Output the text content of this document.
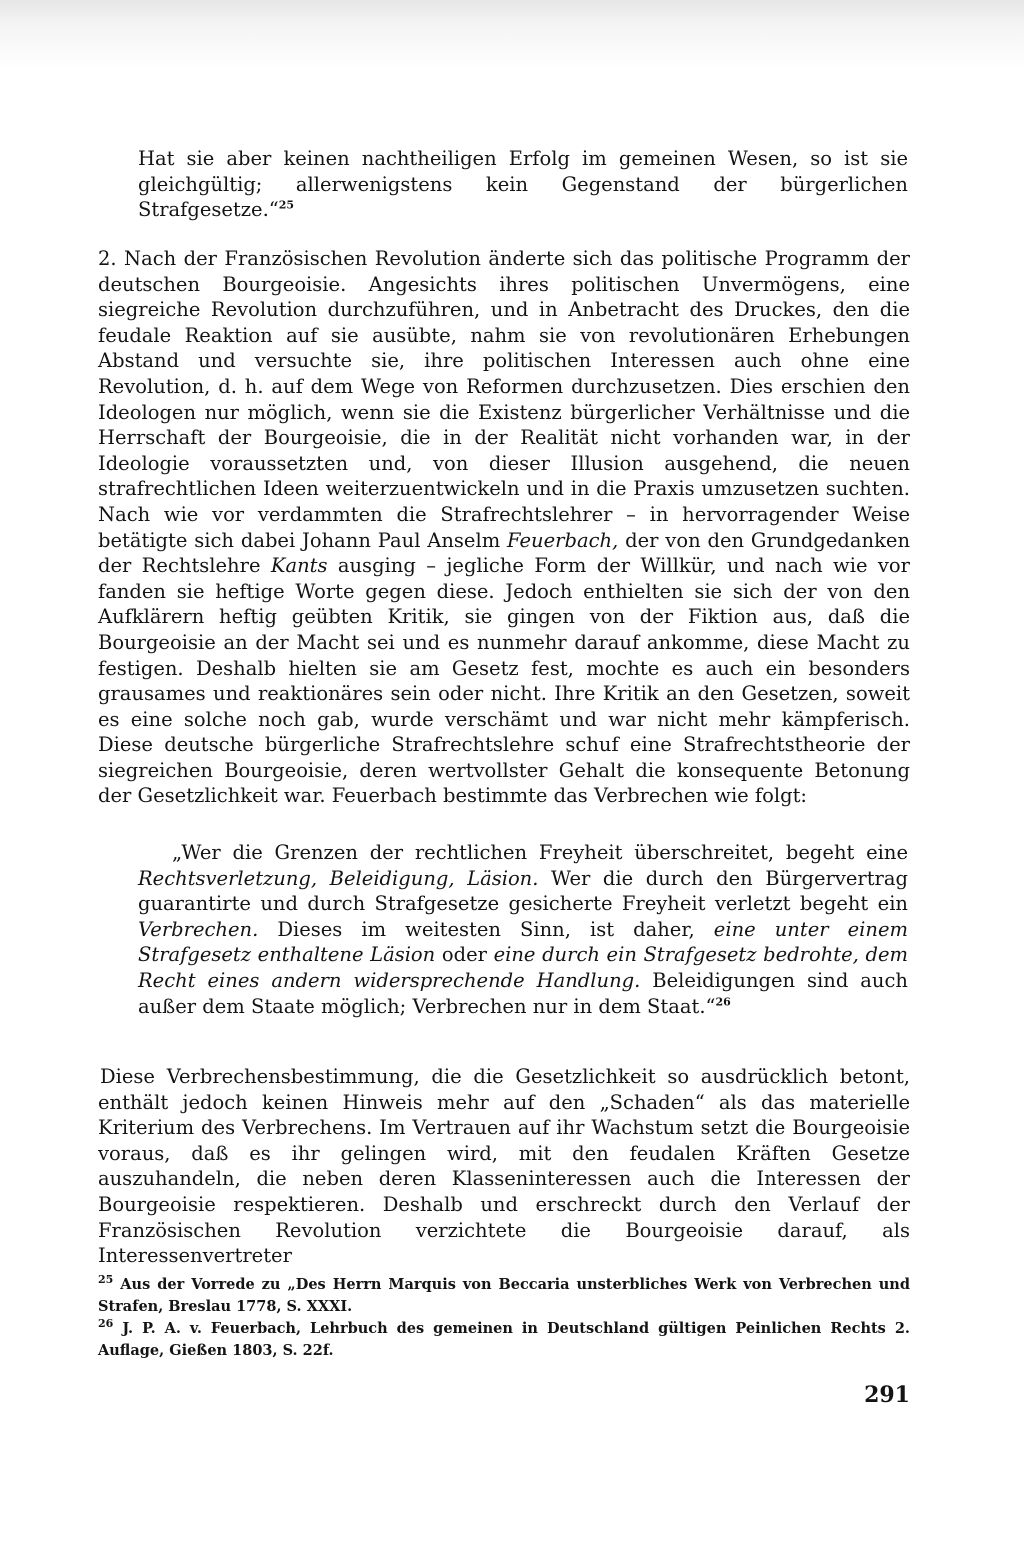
Hat sie aber keinen nachtheiligen Erfolg im gemeinen Wesen, so ist sie gleichgültig; allerwenigstens kein Gegenstand der bürgerlichen Strafgesetze.“$^{25}$

2. Nach der Französischen Revolution änderte sich das politische Programm der deutschen Bourgeoisie. Angesichts ihres politischen Unvermögens, eine siegreiche Revolution durchzuführen, und in Anbetracht des Druckes, den die feudale Reaktion auf sie ausübte, nahm sie von revolutionären Erhebungen Abstand und versuchte sie, ihre politischen Interessen auch ohne eine Revolution, d. h. auf dem Wege von Reformen durchzusetzen. Dies erschien den Ideologen nur möglich, wenn sie die Existenz bürgerlicher Verhältnisse und die Herrschaft der Bourgeoisie, die in der Realität nicht vorhanden war, in der Ideologie voraussetzten und, von dieser Illusion ausgehend, die neuen strafrechtlichen Ideen weiterzuentwickeln und in die Praxis umzusetzen suchten. Nach wie vor verdammten die Strafrechtslehrer – in hervorragender Weise betätigte sich dabei Johann Paul Anselm Feuerbach, der von den Grundgedanken der Rechtslehre Kants ausging – jegliche Form der Willkür, und nach wie vor fanden sie heftige Worte gegen diese. Jedoch enthielten sie sich der von den Aufklärern heftig geübten Kritik, sie gingen von der Fiktion aus, daß die Bourgeoisie an der Macht sei und es nunmehr darauf ankomme, diese Macht zu festigen. Deshalb hielten sie am Gesetz fest, mochte es auch ein besonders grausames und reaktionäres sein oder nicht. Ihre Kritik an den Gesetzen, soweit es eine solche noch gab, wurde verschämt und war nicht mehr kämpferisch. Diese deutsche bürgerliche Strafrechtslehre schuf eine Strafrechtstheorie der siegreichen Bourgeoisie, deren wertvollster Gehalt die konsequente Betonung der Gesetzlichkeit war. Feuerbach bestimmte das Verbrechen wie folgt:

„Wer die Grenzen der rechtlichen Freyheit überschreitet, begeht eine Rechtsverletzung, Beleidigung, Läsion. Wer die durch den Bürgervertrag guarantirte und durch Strafgesetze gesicherte Freyheit verletzt begeht ein Verbrechen. Dieses im weitesten Sinn, ist daher, eine unter einem Strafgesetz enthaltene Läsion oder eine durch ein Strafgesetz bedrohte, dem Recht eines andern widersprechende Handlung. Beleidigungen sind auch außer dem Staate möglich; Verbrechen nur in dem Staat.“$^{26}$

Diese Verbrechensbestimmung, die die Gesetzlichkeit so ausdrücklich betont, enthält jedoch keinen Hinweis mehr auf den „Schaden“ als das materielle Kriterium des Verbrechens. Im Vertrauen auf ihr Wachstum setzt die Bourgeoisie voraus, daß es ihr gelingen wird, mit den feudalen Kräften Gesetze auszuhandeln, die neben deren Klasseninteressen auch die Interessen der Bourgeoisie respektieren. Deshalb und erschreckt durch den Verlauf der Französischen Revolution verzichtete die Bourgeoisie darauf, als Interessenvertreter

$^{25}$ Aus der Vorrede zu „Des Herrn Marquis von Beccaria unsterbliches Werk von Verbrechen und Strafen, Breslau 1778, S. XXXI.
$^{26}$ J. P. A. v. Feuerbach, Lehrbuch des gemeinen in Deutschland gültigen Peinlichen Rechts 2. Auflage, Gießen 1803, S. 22f.
291
